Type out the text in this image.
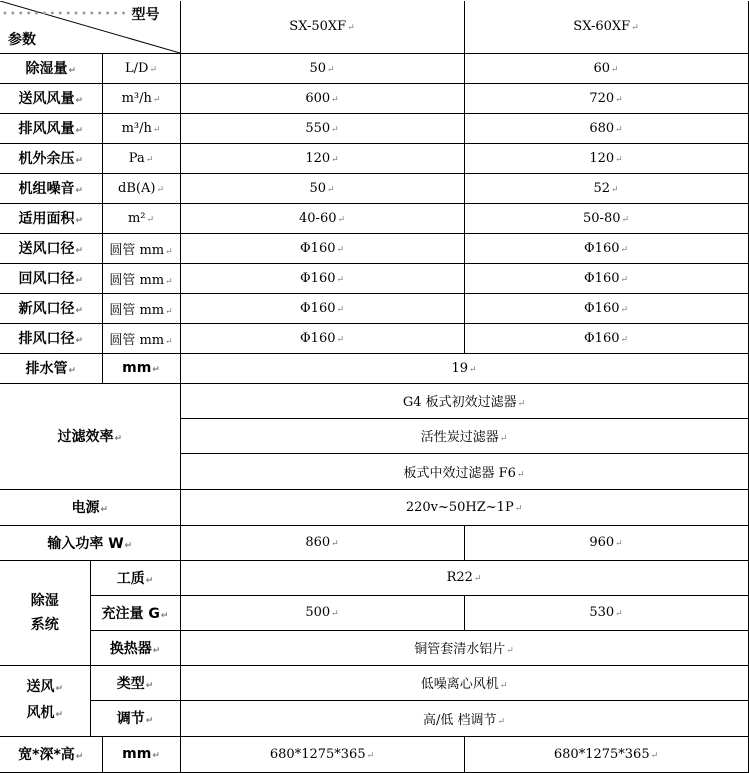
•••••••••••••••• 型号
参数			SX-50XF↵	SX-60XF↵
除湿量↵		L/D↵	50↵	60↵
送风风量↵		m³/h↵	600↵	720↵
排风风量↵		m³/h↵	550↵	680↵
机外余压↵		Pa↵	120↵	120↵
机组噪音↵		dB(A)↵	50↵	52↵
适用面积↵		m²↵	40-60↵	50-80↵
送风口径↵		圆管 mm↵	Φ160↵	Φ160↵
回风口径↵		圆管 mm↵	Φ160↵	Φ160↵
新风口径↵		圆管 mm↵	Φ160↵	Φ160↵
排风口径↵		圆管 mm↵	Φ160↵	Φ160↵
排水管↵		mm↵	19↵	
过滤效率↵			G4 板式初效过滤器↵	
			活性炭过滤器↵	
			板式中效过滤器 F6↵	
电源↵			220v~50HZ~1P↵	
输入功率 W↵			860↵	960↵
除湿
系统	工质↵		R22↵	
	充注量 G↵		500↵	530↵
	换热器↵		铜管套清水铝片↵	
送风↵
风机↵	类型↵		低噪离心风机↵	
	调节↵		高/低 档调节↵	
宽*深*高↵		mm↵	680*1275*365↵	680*1275*365↵
